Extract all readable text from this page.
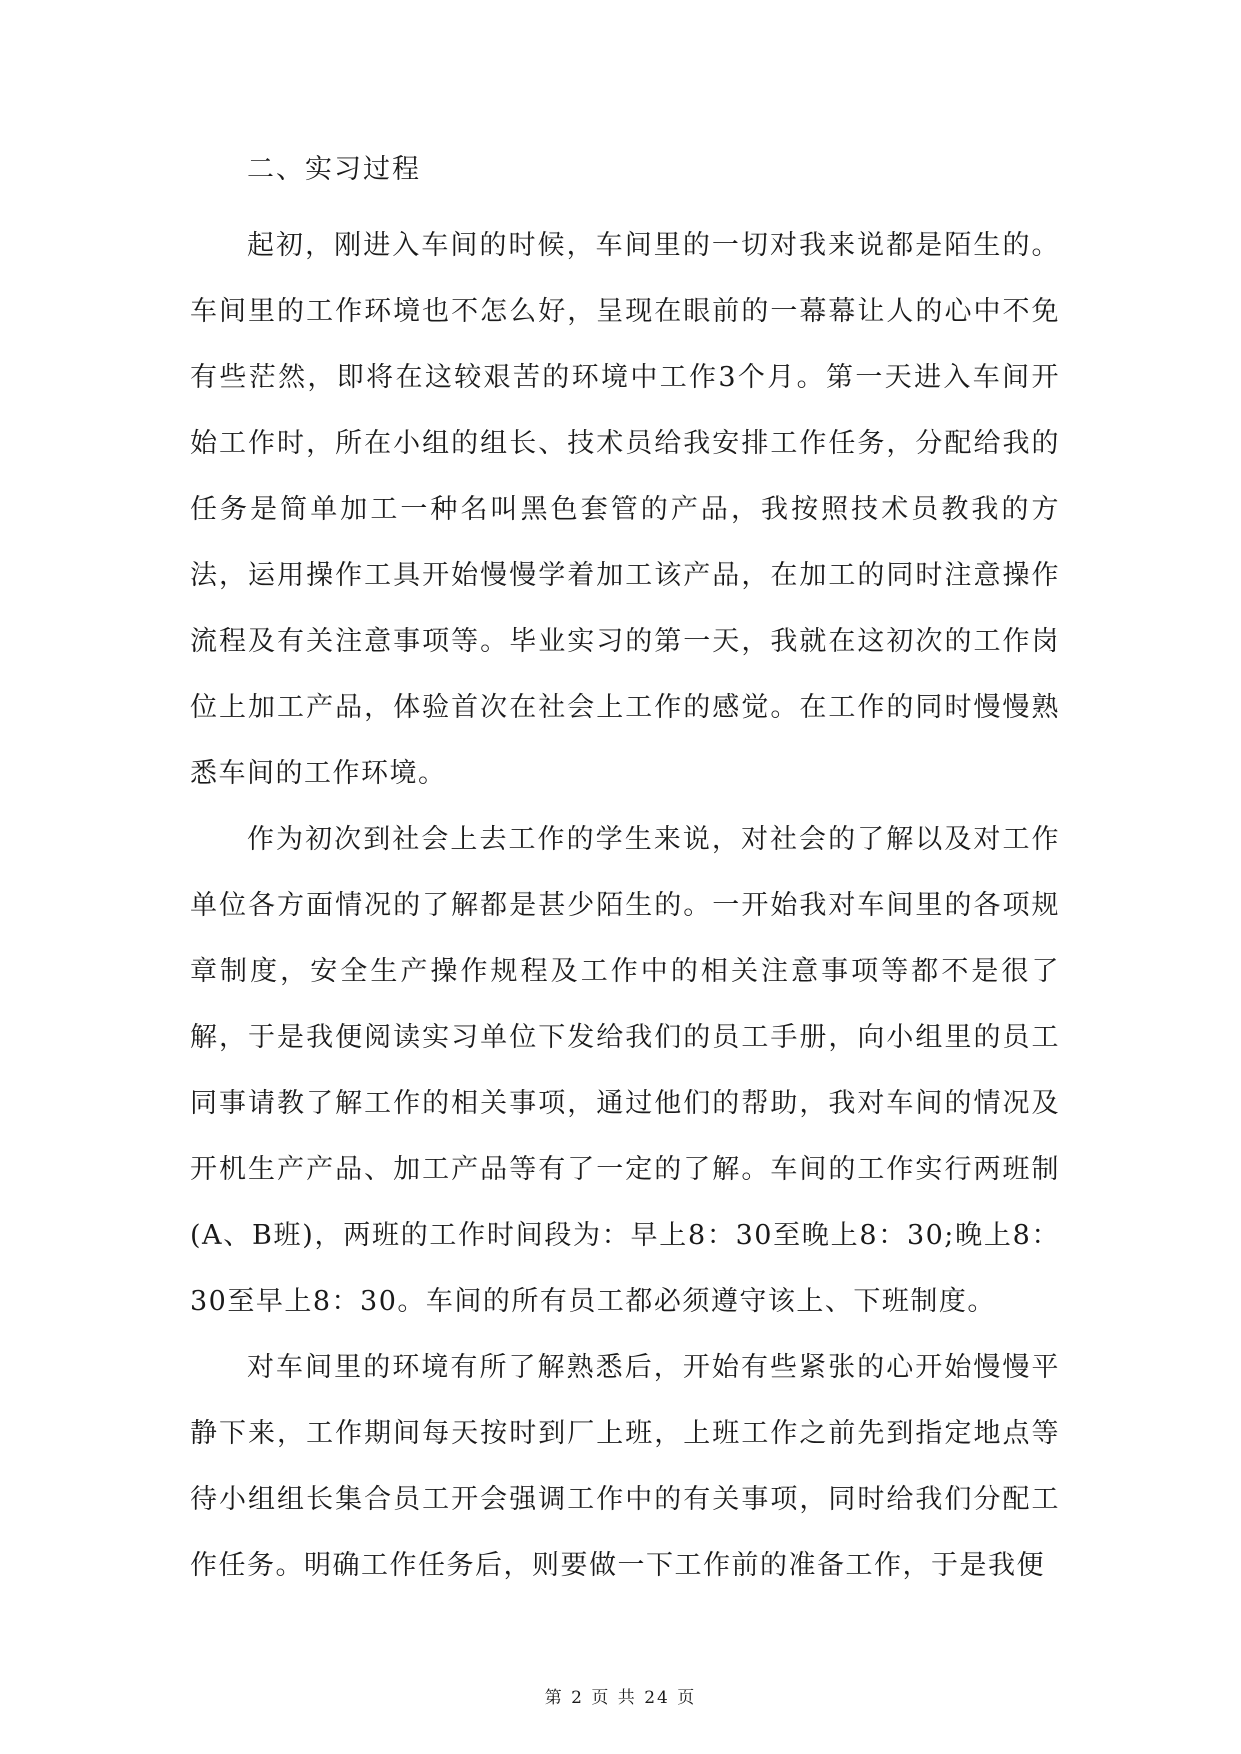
二、实习过程

起初，刚进入车间的时候，车间里的一切对我来说都是陌生的。车间里的工作环境也不怎么好，呈现在眼前的一幕幕让人的心中不免有些茫然，即将在这较艰苦的环境中工作3个月。第一天进入车间开始工作时，所在小组的组长、技术员给我安排工作任务，分配给我的任务是简单加工一种名叫黑色套管的产品，我按照技术员教我的方法，运用操作工具开始慢慢学着加工该产品，在加工的同时注意操作流程及有关注意事项等。毕业实习的第一天，我就在这初次的工作岗位上加工产品，体验首次在社会上工作的感觉。在工作的同时慢慢熟悉车间的工作环境。

作为初次到社会上去工作的学生来说，对社会的了解以及对工作单位各方面情况的了解都是甚少陌生的。一开始我对车间里的各项规章制度，安全生产操作规程及工作中的相关注意事项等都不是很了解，于是我便阅读实习单位下发给我们的员工手册，向小组里的员工同事请教了解工作的相关事项，通过他们的帮助，我对车间的情况及开机生产产品、加工产品等有了一定的了解。车间的工作实行两班制(A、B班)，两班的工作时间段为：早上8：30至晚上8：30;晚上8：30至早上8：30。车间的所有员工都必须遵守该上、下班制度。

对车间里的环境有所了解熟悉后，开始有些紧张的心开始慢慢平静下来，工作期间每天按时到厂上班，上班工作之前先到指定地点等待小组组长集合员工开会强调工作中的有关事项，同时给我们分配工作任务。明确工作任务后，则要做一下工作前的准备工作，于是我便

第 2 页 共 24 页
